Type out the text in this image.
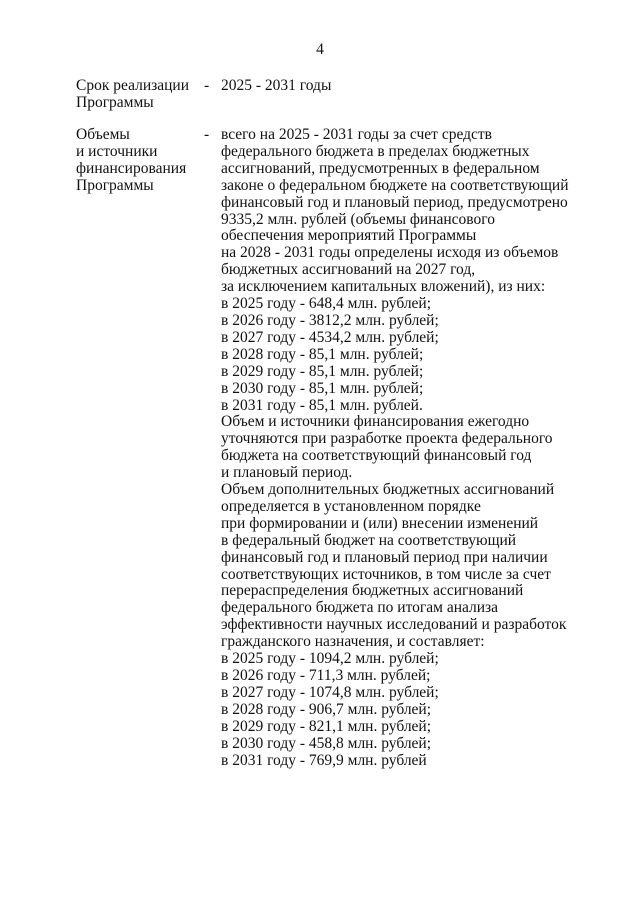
4
Срок реализации
Программы
- 2025 - 2031 годы
Объемы
и источники
финансирования
Программы
- всего на 2025 - 2031 годы за счет средств
федерального бюджета в пределах бюджетных
ассигнований, предусмотренных в федеральном
законе о федеральном бюджете на соответствующий
финансовый год и плановый период, предусмотрено
9335,2 млн. рублей (объемы финансового
обеспечения мероприятий Программы
на 2028 - 2031 годы определены исходя из объемов
бюджетных ассигнований на 2027 год,
за исключением капитальных вложений), из них:
в 2025 году - 648,4 млн. рублей;
в 2026 году - 3812,2 млн. рублей;
в 2027 году - 4534,2 млн. рублей;
в 2028 году - 85,1 млн. рублей;
в 2029 году - 85,1 млн. рублей;
в 2030 году - 85,1 млн. рублей;
в 2031 году - 85,1 млн. рублей.
Объем и источники финансирования ежегодно
уточняются при разработке проекта федерального
бюджета на соответствующий финансовый год
и плановый период.
Объем дополнительных бюджетных ассигнований
определяется в установленном порядке
при формировании и (или) внесении изменений
в федеральный бюджет на соответствующий
финансовый год и плановый период при наличии
соответствующих источников, в том числе за счет
перераспределения бюджетных ассигнований
федерального бюджета по итогам анализа
эффективности научных исследований и разработок
гражданского назначения, и составляет:
в 2025 году - 1094,2 млн. рублей;
в 2026 году - 711,3 млн. рублей;
в 2027 году - 1074,8 млн. рублей;
в 2028 году - 906,7 млн. рублей;
в 2029 году - 821,1 млн. рублей;
в 2030 году - 458,8 млн. рублей;
в 2031 году - 769,9 млн. рублей
